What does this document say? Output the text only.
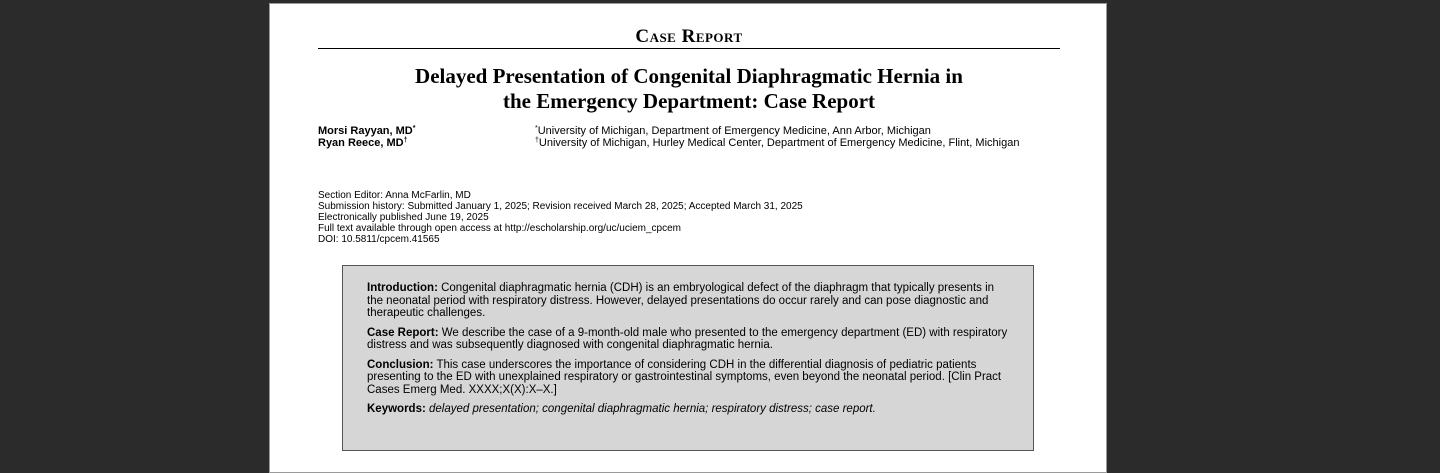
Case Report
Delayed Presentation of Congenital Diaphragmatic Hernia in
the Emergency Department: Case Report
Morsi Rayyan, MD*
Ryan Reece, MD†
*University of Michigan, Department of Emergency Medicine, Ann Arbor, Michigan
†University of Michigan, Hurley Medical Center, Department of Emergency Medicine, Flint, Michigan
Section Editor: Anna McFarlin, MD
Submission history: Submitted January 1, 2025; Revision received March 28, 2025; Accepted March 31, 2025
Electronically published June 19, 2025
Full text available through open access at http://escholarship.org/uc/uciem_cpcem
DOI: 10.5811/cpcem.41565

Introduction: Congenital diaphragmatic hernia (CDH) is an embryological defect of the diaphragm that typically presents in the neonatal period with respiratory distress. However, delayed presentations do occur rarely and can pose diagnostic and therapeutic challenges.

Case Report: We describe the case of a 9-month-old male who presented to the emergency department (ED) with respiratory distress and was subsequently diagnosed with congenital diaphragmatic hernia.

Conclusion: This case underscores the importance of considering CDH in the differential diagnosis of pediatric patients presenting to the ED with unexplained respiratory or gastrointestinal symptoms, even beyond the neonatal period. [Clin Pract Cases Emerg Med. XXXX;X(X):X–X.]

Keywords: delayed presentation; congenital diaphragmatic hernia; respiratory distress; case report.
